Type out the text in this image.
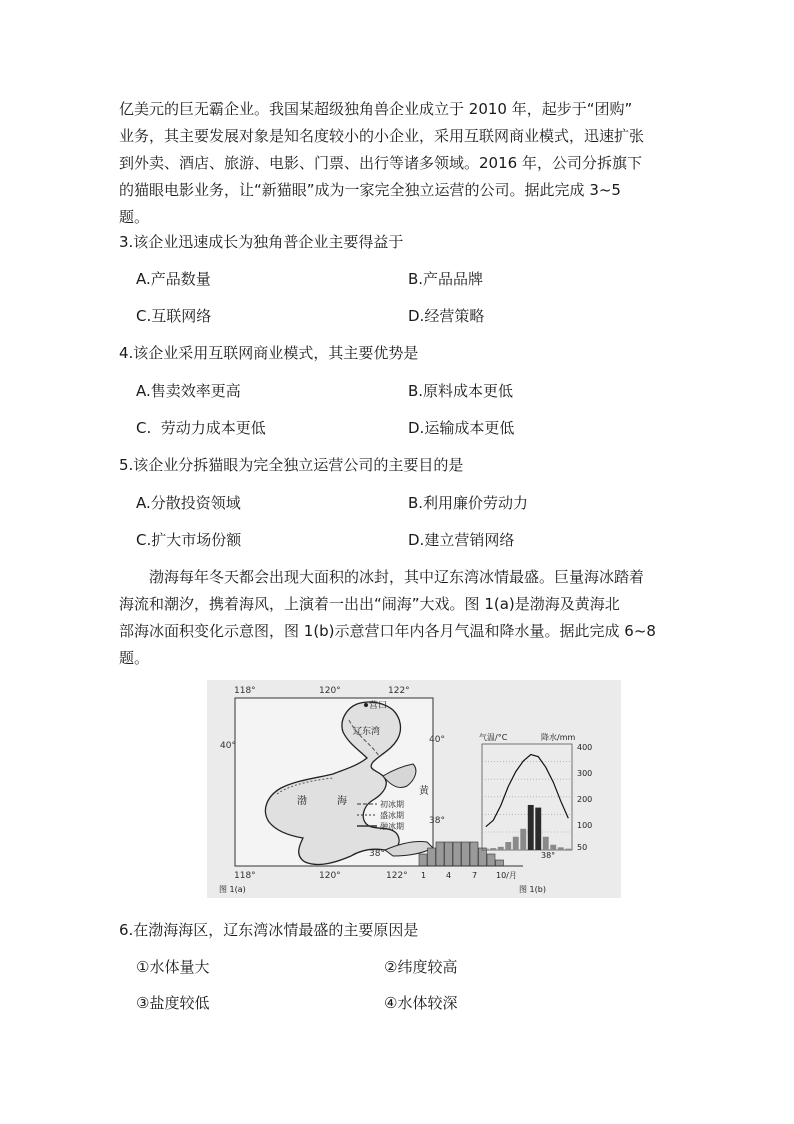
亿美元的巨无霸企业。我国某超级独角兽企业成立于 2010 年，起步于“团购”
业务，其主要发展对象是知名度较小的小企业，采用互联网商业模式，迅速扩张
到外卖、酒店、旅游、电影、门票、出行等诸多领域。2016 年，公司分拆旗下
的猫眼电影业务，让“新猫眼”成为一家完全独立运营的公司。据此完成 3~5
题。

3.该企业迅速成长为独角普企业主要得益于

A.产品数量	B.产品品牌

C.互联网络	D.经营策略

4.该企业采用互联网商业模式，其主要优势是

A.售卖效率更高	B.原料成本更低

C.  劳动力成本更低	D.运输成本更低

5.该企业分拆猫眼为完全独立运营公司的主要目的是

A.分散投资领域	B.利用廉价劳动力

C.扩大市场份额	D.建立营销网络

渤海每年冬天都会出现大面积的冰封，其中辽东湾冰情最盛。巨量海冰踏着
海流和潮汐，携着海风，上演着一出出“闹海”大戏。图 1(a)是渤海及黄海北
部海冰面积变化示意图，图 1(b)示意营口年内各月气温和降水量。据此完成 6~8
题。
118°	120°	122°
118°	120°	122°
40°
40°
38°
38°
营口
辽东湾
渤	海
黄
初冰期
盛冰期
融冰期
1 4	7 10/月
图 1(a)
气温/°C	降水/mm
400
300
200
100
50
38°
图 1(b)

6.在渤海海区，辽东湾冰情最盛的主要原因是

①水体量大	②纬度较高

③盐度较低	④水体较深
